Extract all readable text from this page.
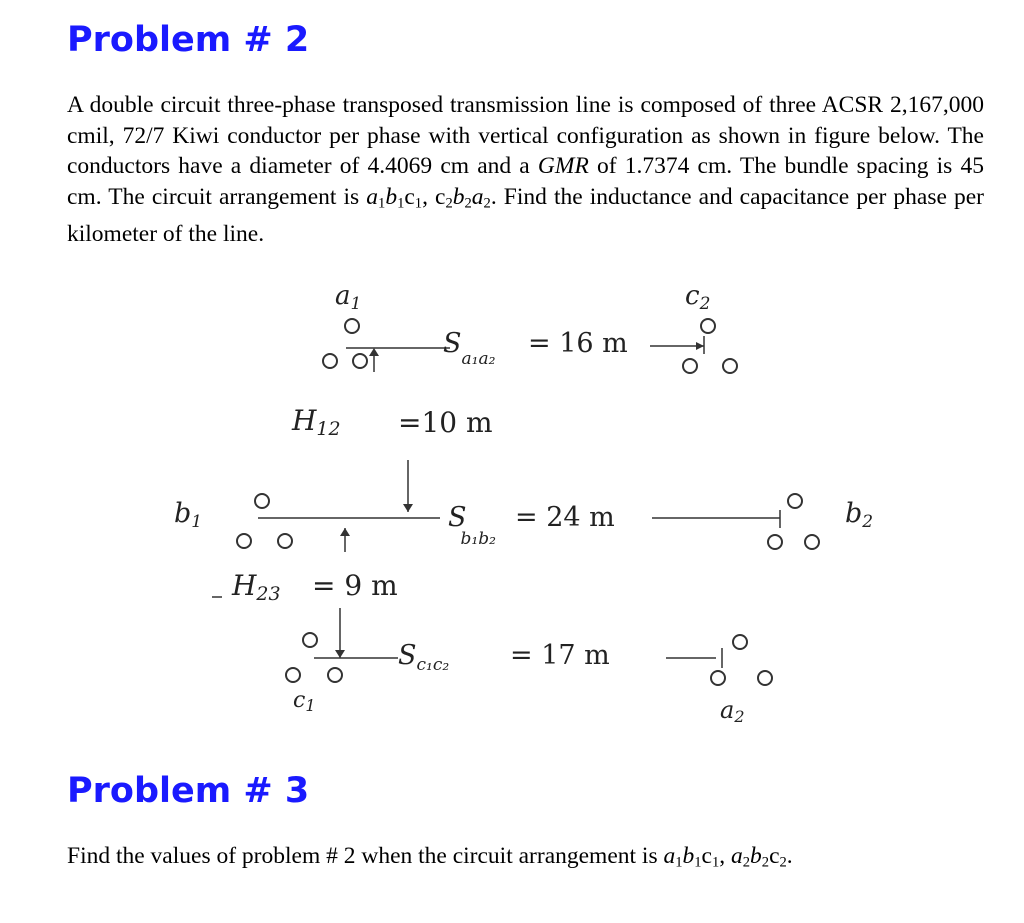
Problem # 2

A double circuit three-phase transposed transmission line is composed of three ACSR 2,167,000 cmil, 72/7 Kiwi conductor per phase with vertical configuration as shown in figure below. The conductors have a diameter of 4.4069 cm and a GMR of 1.7374 cm. The bundle spacing is 45 cm. The circuit arrangement is $a_1b_1c_1$, $c_2b_2a_2$. Find the inductance and capacitance per phase per kilometer of the line.

a1	c2
$S_{a_1a_2} = 16$ m
H12 =10 m
b1	S b₁b₂
= 24 m	b2
H23 = 9 m
c1
$S_{c_1c_2} = 17$ m
a2
Problem # 3

Find the values of problem # 2 when the circuit arrangement is $a_1b_1c_1$, $a_2b_2c_2$.
